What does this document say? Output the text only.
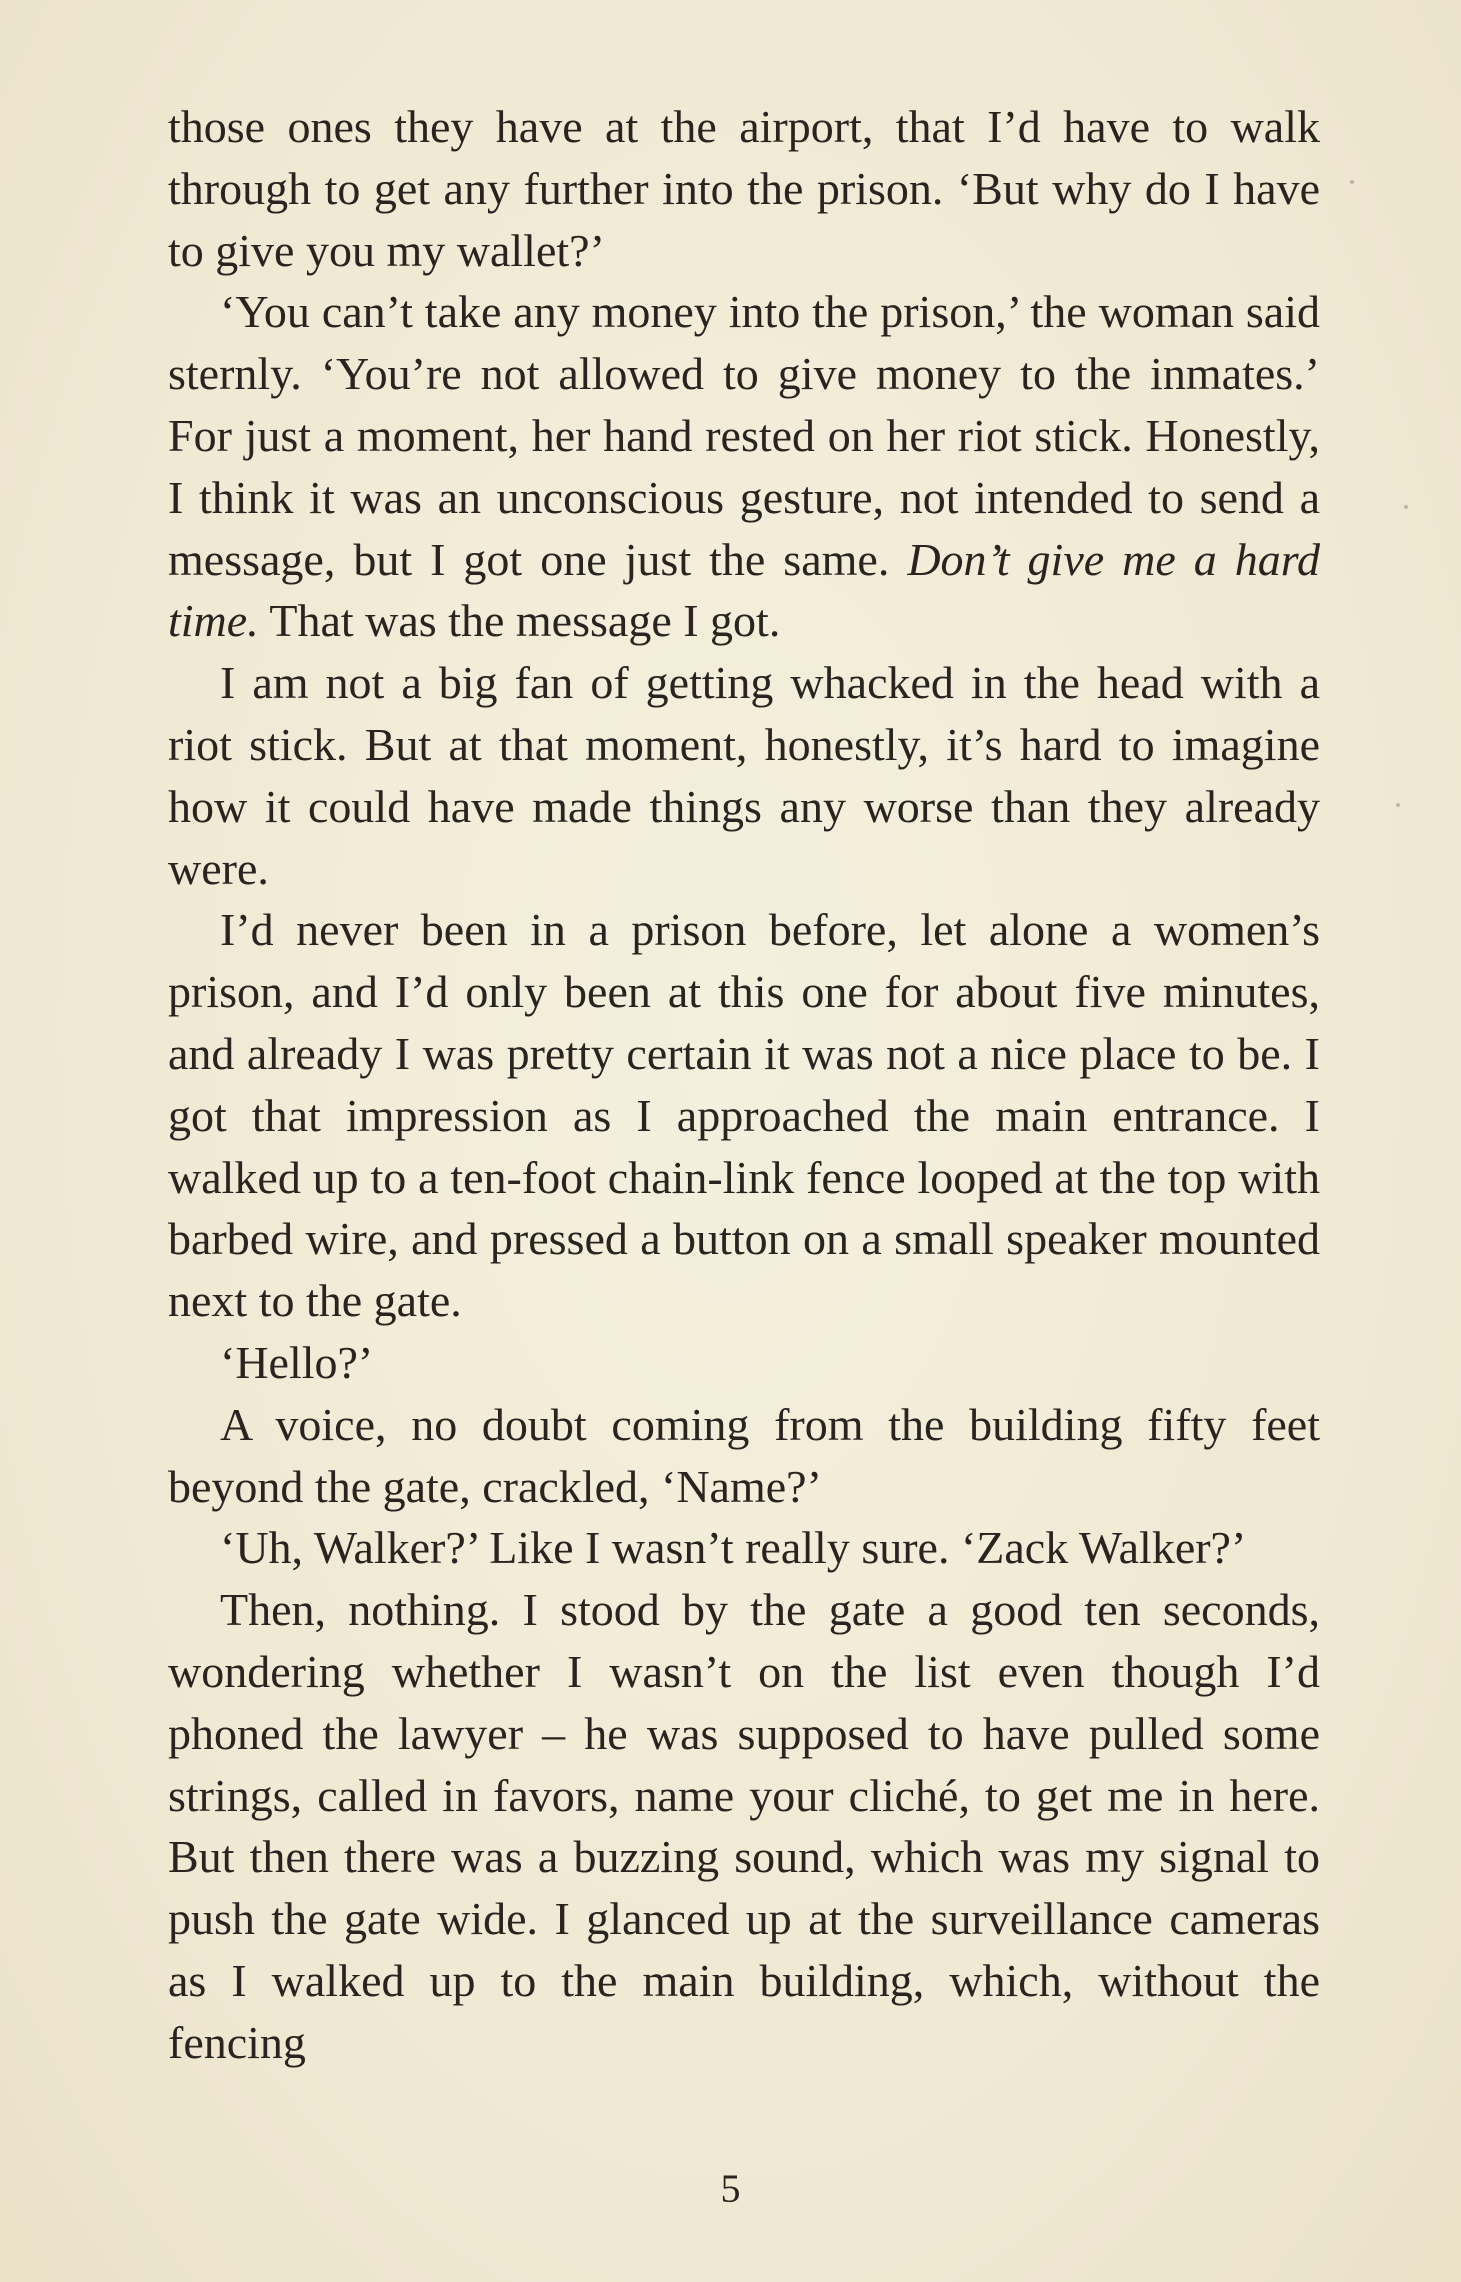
those ones they have at the airport, that I’d have to walk through to get any further into the prison. ‘But why do I have to give you my wallet?’

‘You can’t take any money into the prison,’ the woman said sternly. ‘You’re not allowed to give money to the inmates.’ For just a moment, her hand rested on her riot stick. Honestly, I think it was an unconscious gesture, not intended to send a message, but I got one just the same. Don’t give me a hard time. That was the message I got.

I am not a big fan of getting whacked in the head with a riot stick. But at that moment, honestly, it’s hard to imagine how it could have made things any worse than they already were.

I’d never been in a prison before, let alone a women’s prison, and I’d only been at this one for about five minutes, and already I was pretty certain it was not a nice place to be. I got that impression as I approached the main entrance. I walked up to a ten-foot chain-link fence looped at the top with barbed wire, and pressed a button on a small speaker mounted next to the gate.

‘Hello?’

A voice, no doubt coming from the building fifty feet beyond the gate, crackled, ‘Name?’

‘Uh, Walker?’ Like I wasn’t really sure. ‘Zack Walker?’

Then, nothing. I stood by the gate a good ten seconds, wondering whether I wasn’t on the list even though I’d phoned the lawyer – he was supposed to have pulled some strings, called in favors, name your cliché, to get me in here. But then there was a buzzing sound, which was my signal to push the gate wide. I glanced up at the surveillance cameras as I walked up to the main building, which, without the fencing

5
